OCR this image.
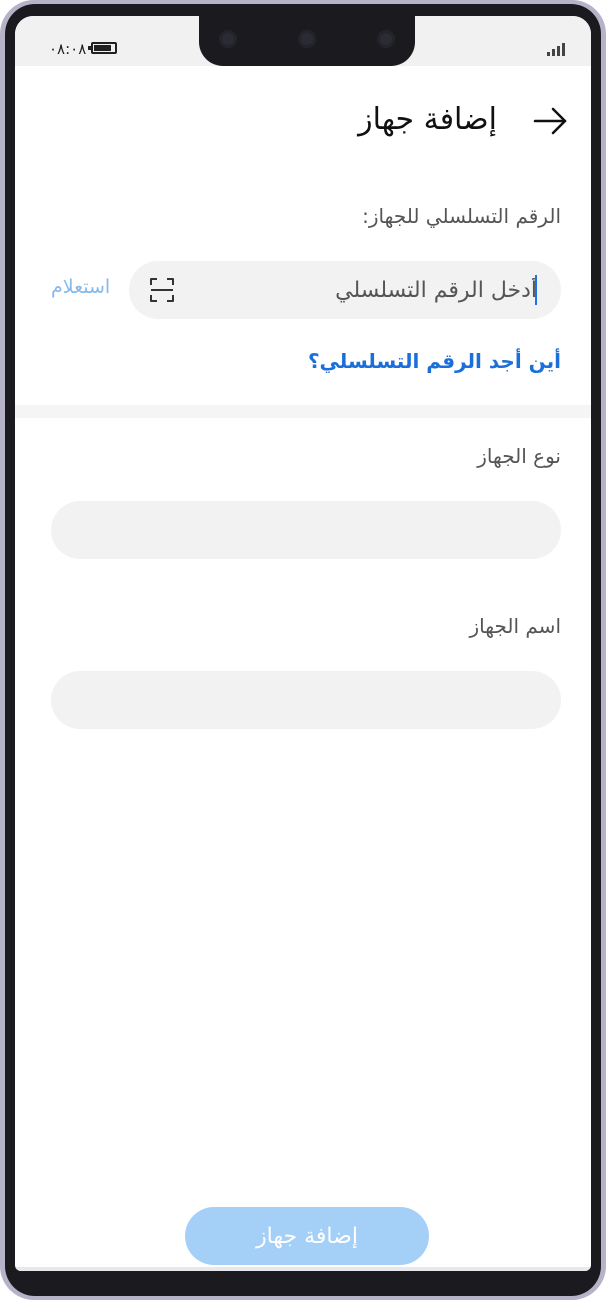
٠٨:٠٨
إضافة جهاز
الرقم التسلسلي للجهاز:
أدخل الرقم التسلسلي
استعلام
أين أجد الرقم التسلسلي؟
نوع الجهاز
اسم الجهاز
إضافة جهاز
